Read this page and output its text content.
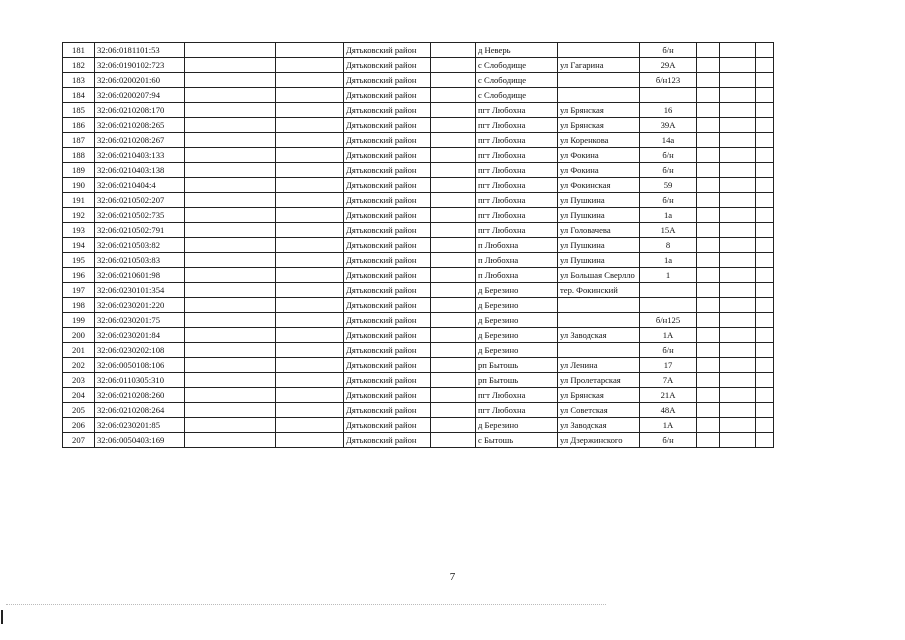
181	32:06:0181101:53			Дятьковский район		д Неверь		б/н			
182	32:06:0190102:723			Дятьковский район		с Слободище	ул Гагарина	29А			
183	32:06:0200201:60			Дятьковский район		с Слободище		б/н123			
184	32:06:0200207:94			Дятьковский район		с Слободище					
185	32:06:0210208:170			Дятьковский район		пгт Любохна	ул Брянская	16			
186	32:06:0210208:265			Дятьковский район		пгт Любохна	ул Брянская	39А			
187	32:06:0210208:267			Дятьковский район		пгт Любохна	ул Коренкова	14а			
188	32:06:0210403:133			Дятьковский район		пгт Любохна	ул Фокина	б/н			
189	32:06:0210403:138			Дятьковский район		пгт Любохна	ул Фокина	б/н			
190	32:06:0210404:4			Дятьковский район		пгт Любохна	ул Фокинская	59			
191	32:06:0210502:207			Дятьковский район		пгт Любохна	ул Пушкина	б/н			
192	32:06:0210502:735			Дятьковский район		пгт Любохна	ул Пушкина	1а			
193	32:06:0210502:791			Дятьковский район		пгт Любохна	ул Головачева	15А			
194	32:06:0210503:82			Дятьковский район		п Любохна	ул Пушкина	8			
195	32:06:0210503:83			Дятьковский район		п Любохна	ул Пушкина	1а			
196	32:06:0210601:98			Дятьковский район		п Любохна	ул Большая Сверлло	1			
197	32:06:0230101:354			Дятьковский район		д Березино	тер. Фокинский				
198	32:06:0230201:220			Дятьковский район		д Березино					
199	32:06:0230201:75			Дятьковский район		д Березино		б/н125			
200	32:06:0230201:84			Дятьковский район		д Березино	ул Заводская	1А			
201	32:06:0230202:108			Дятьковский район		д Березино		б/н			
202	32:06:0050108:106			Дятьковский район		рп Бытошь	ул Ленина	17			
203	32:06:0110305:310			Дятьковский район		рп Бытошь	ул Пролетарская	7А			
204	32:06:0210208:260			Дятьковский район		пгт Любохна	ул Брянская	21А			
205	32:06:0210208:264			Дятьковский район		пгт Любохна	ул Советская	48А			
206	32:06:0230201:85			Дятьковский район		д Березино	ул Заводская	1А			
207	32:06:0050403:169			Дятьковский район		с Бытошь	ул Дзержинского	б/н			
7
